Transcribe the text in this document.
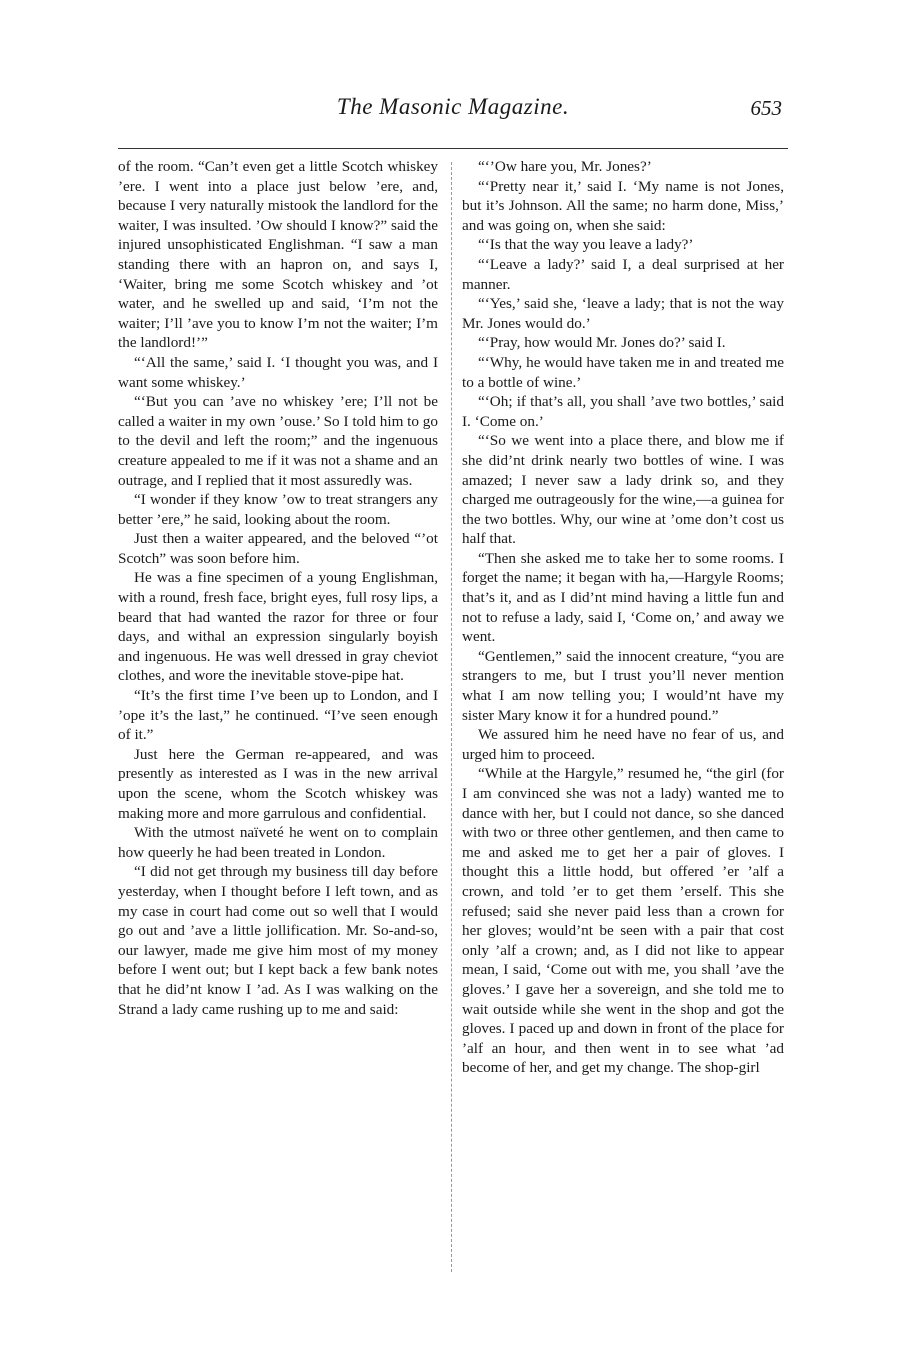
The Masonic Magazine.	653

of the room. “Can’t even get a little Scotch whiskey ’ere. I went into a place just below ’ere, and, because I very naturally mistook the landlord for the waiter, I was insulted. ’Ow should I know?” said the injured unsophisticated Englishman. “I saw a man standing there with an hapron on, and says I, ‘Waiter, bring me some Scotch whiskey and ’ot water, and he swelled up and said, ‘I’m not the waiter; I’ll ’ave you to know I’m not the waiter; I’m the landlord!’”

“‘All the same,’ said I. ‘I thought you was, and I want some whiskey.’

“‘But you can ’ave no whiskey ’ere; I’ll not be called a waiter in my own ’ouse.’ So I told him to go to the devil and left the room;” and the ingenuous creature appealed to me if it was not a shame and an outrage, and I replied that it most assuredly was.

“I wonder if they know ’ow to treat strangers any better ’ere,” he said, looking about the room.

Just then a waiter appeared, and the beloved “’ot Scotch” was soon before him.

He was a fine specimen of a young Englishman, with a round, fresh face, bright eyes, full rosy lips, a beard that had wanted the razor for three or four days, and withal an expression singularly boyish and ingenuous. He was well dressed in gray cheviot clothes, and wore the inevitable stove-pipe hat.

“It’s the first time I’ve been up to London, and I ’ope it’s the last,” he continued. “I’ve seen enough of it.”

Just here the German re-appeared, and was presently as interested as I was in the new arrival upon the scene, whom the Scotch whiskey was making more and more garrulous and confidential.

With the utmost naïveté he went on to complain how queerly he had been treated in London.

“I did not get through my business till day before yesterday, when I thought before I left town, and as my case in court had come out so well that I would go out and ’ave a little jollification. Mr. So-and-so, our lawyer, made me give him most of my money before I went out; but I kept back a few bank notes that he did’nt know I ’ad. As I was walking on the Strand a lady came rushing up to me and said:

“‘’Ow hare you, Mr. Jones?’

“‘Pretty near it,’ said I. ‘My name is not Jones, but it’s Johnson. All the same; no harm done, Miss,’ and was going on, when she said:

“‘Is that the way you leave a lady?’

“‘Leave a lady?’ said I, a deal surprised at her manner.

“‘Yes,’ said she, ‘leave a lady; that is not the way Mr. Jones would do.’

“‘Pray, how would Mr. Jones do?’ said I.

“‘Why, he would have taken me in and treated me to a bottle of wine.’

“‘Oh; if that’s all, you shall ’ave two bottles,’ said I. ‘Come on.’

“‘So we went into a place there, and blow me if she did’nt drink nearly two bottles of wine. I was amazed; I never saw a lady drink so, and they charged me outrageously for the wine,—a guinea for the two bottles. Why, our wine at ’ome don’t cost us half that.

“Then she asked me to take her to some rooms. I forget the name; it began with ha,—Hargyle Rooms; that’s it, and as I did’nt mind having a little fun and not to refuse a lady, said I, ‘Come on,’ and away we went.

“Gentlemen,” said the innocent creature, “you are strangers to me, but I trust you’ll never mention what I am now telling you; I would’nt have my sister Mary know it for a hundred pound.”

We assured him he need have no fear of us, and urged him to proceed.

“While at the Hargyle,” resumed he, “the girl (for I am convinced she was not a lady) wanted me to dance with her, but I could not dance, so she danced with two or three other gentlemen, and then came to me and asked me to get her a pair of gloves. I thought this a little hodd, but offered ’er ’alf a crown, and told ’er to get them ’erself. This she refused; said she never paid less than a crown for her gloves; would’nt be seen with a pair that cost only ’alf a crown; and, as I did not like to appear mean, I said, ‘Come out with me, you shall ’ave the gloves.’ I gave her a sovereign, and she told me to wait outside while she went in the shop and got the gloves. I paced up and down in front of the place for ’alf an hour, and then went in to see what ’ad become of her, and get my change. The shop-girl
